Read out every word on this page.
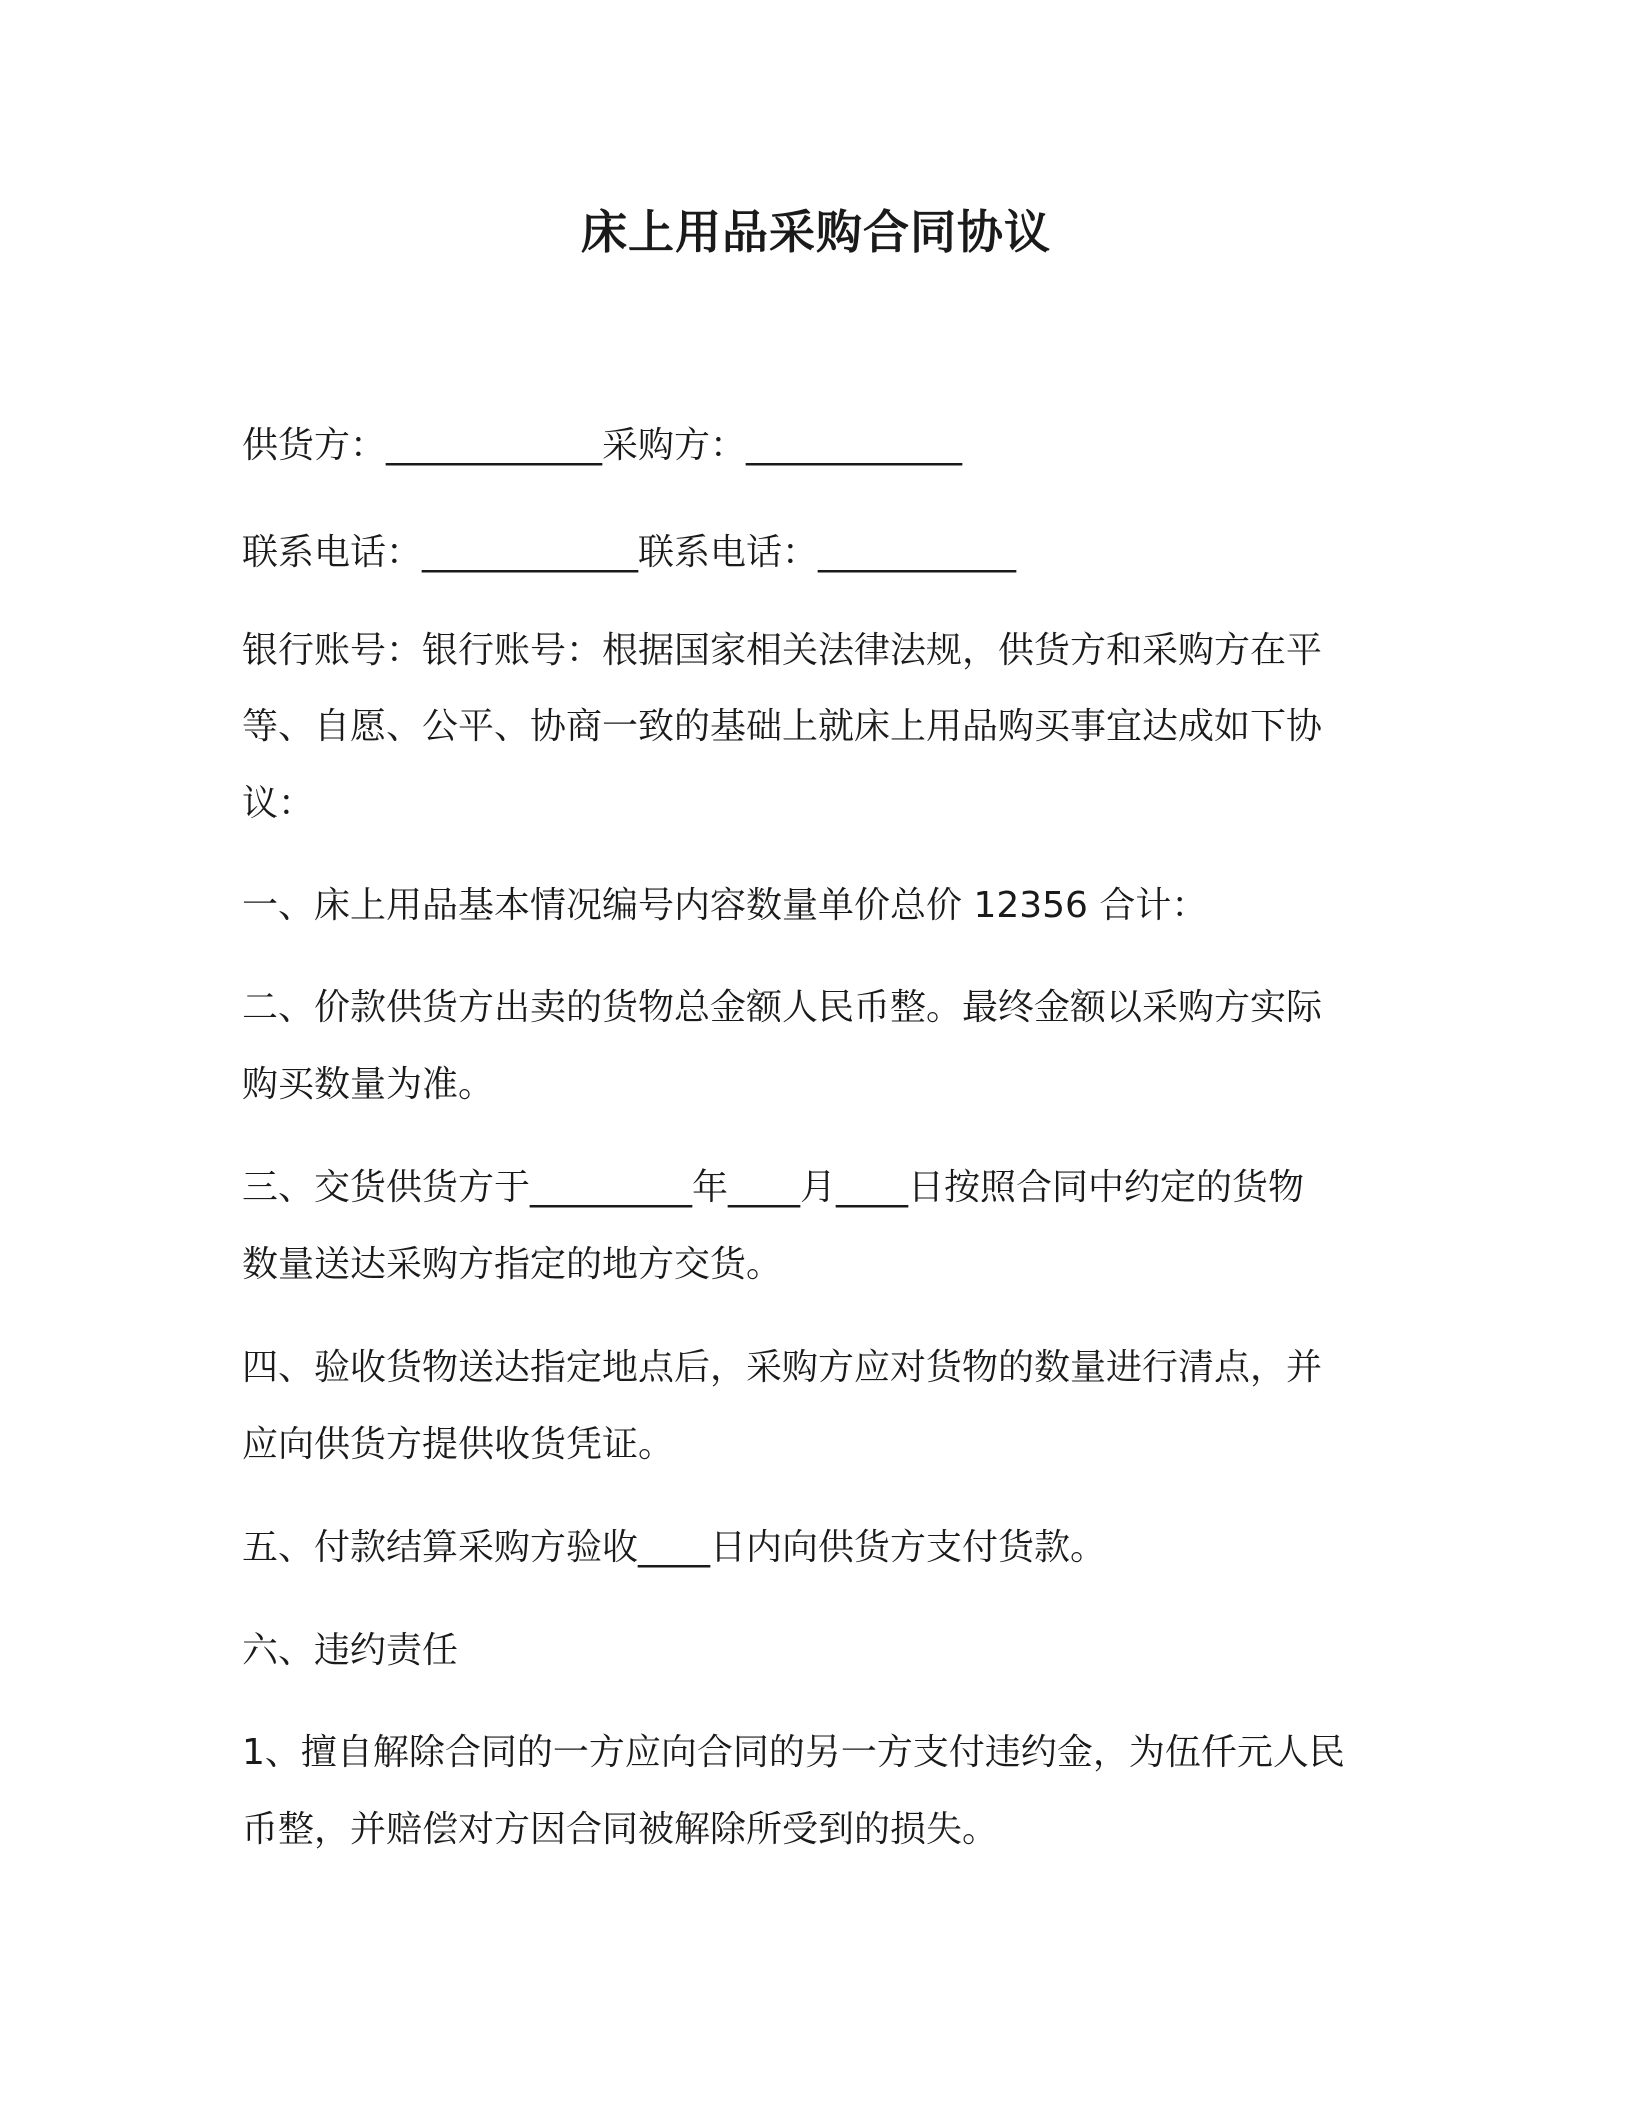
床上用品采购合同协议

供货方：____________采购方：____________

联系电话：____________联系电话：___________

银行账号：银行账号：根据国家相关法律法规，供货方和采购方在平

等、自愿、公平、协商一致的基础上就床上用品购买事宜达成如下协

议：

一、床上用品基本情况编号内容数量单价总价 12356 合计：

二、价款供货方出卖的货物总金额人民币整。最终金额以采购方实际

购买数量为准。

三、交货供货方于_________年____月____日按照合同中约定的货物

数量送达采购方指定的地方交货。

四、验收货物送达指定地点后，采购方应对货物的数量进行清点，并

应向供货方提供收货凭证。

五、付款结算采购方验收____日内向供货方支付货款。

六、违约责任

1、擅自解除合同的一方应向合同的另一方支付违约金，为伍仟元人民

币整，并赔偿对方因合同被解除所受到的损失。
